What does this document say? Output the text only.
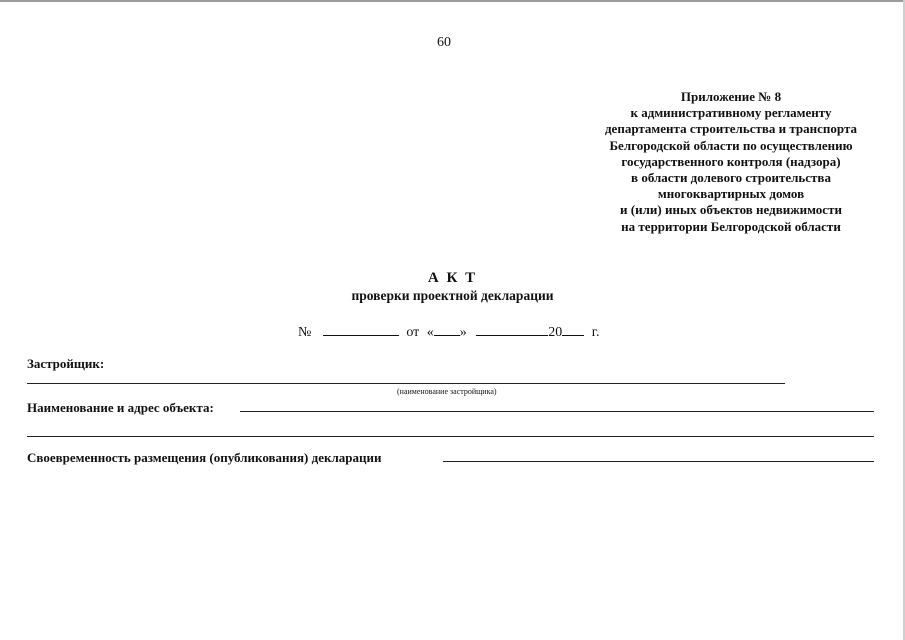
60
Приложение № 8
к административному регламенту
департамента строительства и транспорта
Белгородской области по осуществлению
государственного контроля (надзора)
в области долевого строительства
многоквартирных домов
и (или) иных объектов недвижимости
на территории Белгородской области
А К Т
проверки проектной декларации
№	от « »	20 г.
Застройщик:
(наименование застройщика)
Наименование и адрес объекта:
Своевременность размещения (опубликования) декларации
